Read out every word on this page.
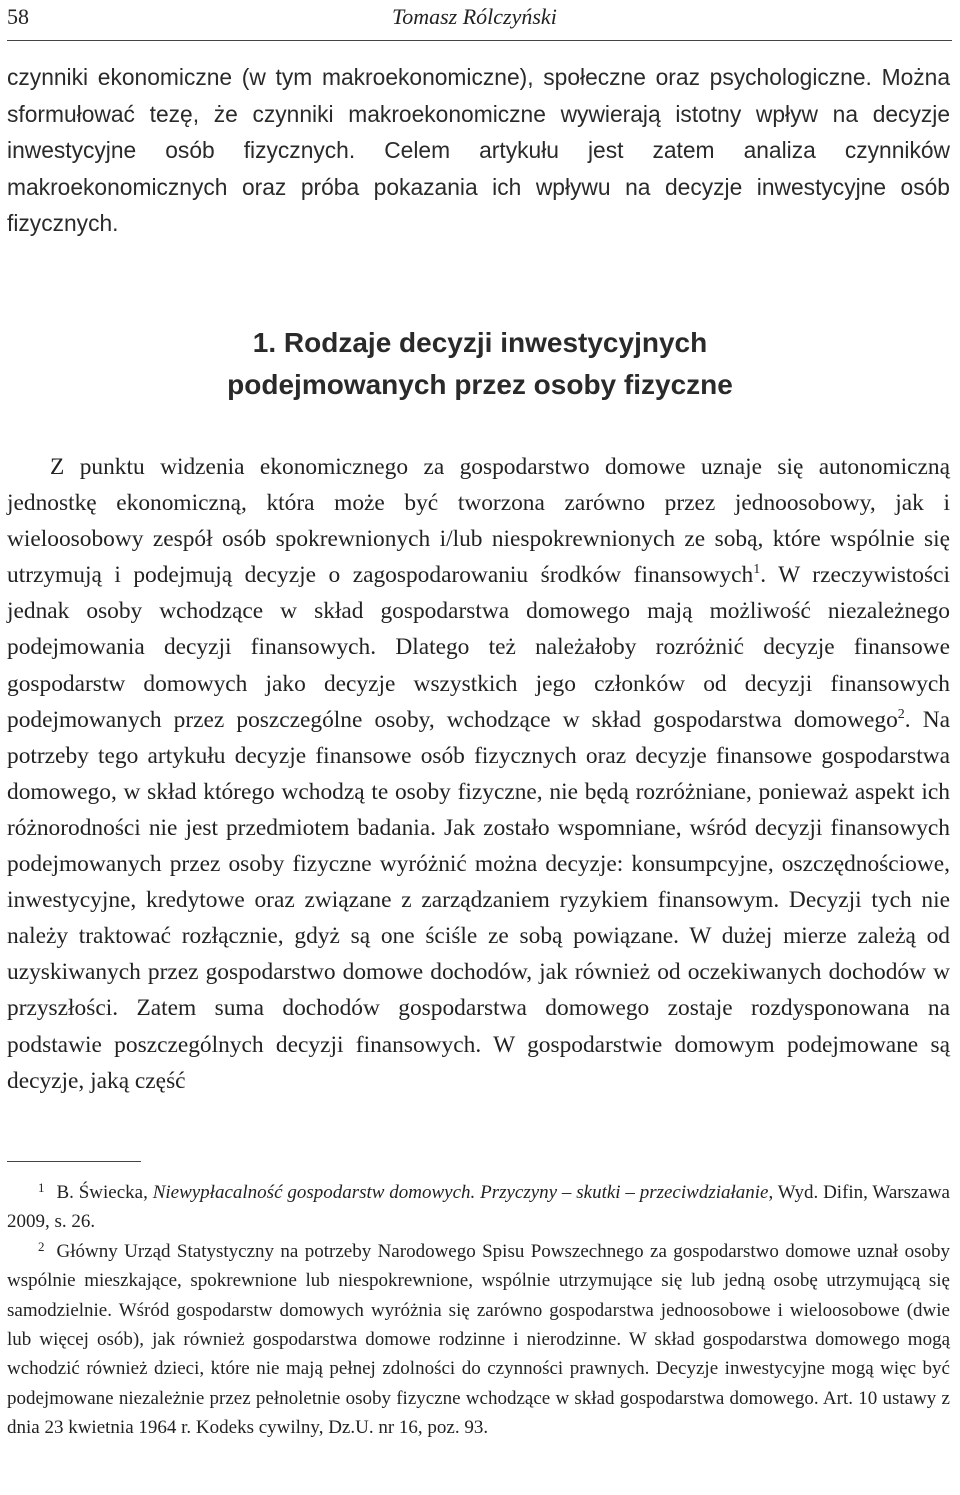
58	Tomasz Rólczyński

czynniki ekonomiczne (w tym makroekonomiczne), społeczne oraz psychologiczne. Można sformułować tezę, że czynniki makroekonomiczne wywierają istotny wpływ na decyzje inwestycyjne osób fizycznych. Celem artykułu jest zatem analiza czynników makroekonomicznych oraz próba pokazania ich wpływu na decyzje inwestycyjne osób fizycznych.

1. Rodzaje decyzji inwestycyjnych
podejmowanych przez osoby fizyczne

Z punktu widzenia ekonomicznego za gospodarstwo domowe uznaje się autonomiczną jednostkę ekonomiczną, która może być tworzona zarówno przez jednoosobowy, jak i wieloosobowy zespół osób spokrewnionych i/lub niespokrewnionych ze sobą, które wspólnie się utrzymują i podejmują decyzje o zagospodarowaniu środków finansowych$^1$. W rzeczywistości jednak osoby wchodzące w skład gospodarstwa domowego mają możliwość niezależnego podejmowania decyzji finansowych. Dlatego też należałoby rozróżnić decyzje finansowe gospodarstw domowych jako decyzje wszystkich jego członków od decyzji finansowych podejmowanych przez poszczególne osoby, wchodzące w skład gospodarstwa domowego$^2$. Na potrzeby tego artykułu decyzje finansowe osób fizycznych oraz decyzje finansowe gospodarstwa domowego, w skład którego wchodzą te osoby fizyczne, nie będą rozróżniane, ponieważ aspekt ich różnorodności nie jest przedmiotem badania. Jak zostało wspomniane, wśród decyzji finansowych podejmowanych przez osoby fizyczne wyróżnić można decyzje: konsumpcyjne, oszczędnościowe, inwestycyjne, kredytowe oraz związane z zarządzaniem ryzykiem finansowym. Decyzji tych nie należy traktować rozłącznie, gdyż są one ściśle ze sobą powiązane. W dużej mierze zależą od uzyskiwanych przez gospodarstwo domowe dochodów, jak również od oczekiwanych dochodów w przyszłości. Zatem suma dochodów gospodarstwa domowego zostaje rozdysponowana na podstawie poszczególnych decyzji finansowych. W gospodarstwie domowym podejmowane są decyzje, jaką część

$^1$ B. Świecka, Niewypłacalność gospodarstw domowych. Przyczyny – skutki – przeciwdziałanie, Wyd. Difin, Warszawa 2009, s. 26.

$^2$ Główny Urząd Statystyczny na potrzeby Narodowego Spisu Powszechnego za gospodarstwo domowe uznał osoby wspólnie mieszkające, spokrewnione lub niespokrewnione, wspólnie utrzymujące się lub jedną osobę utrzymującą się samodzielnie. Wśród gospodarstw domowych wyróżnia się zarówno gospodarstwa jednoosobowe i wieloosobowe (dwie lub więcej osób), jak również gospodarstwa domowe rodzinne i nierodzinne. W skład gospodarstwa domowego mogą wchodzić również dzieci, które nie mają pełnej zdolności do czynności prawnych. Decyzje inwestycyjne mogą więc być podejmowane niezależnie przez pełnoletnie osoby fizyczne wchodzące w skład gospodarstwa domowego. Art. 10 ustawy z dnia 23 kwietnia 1964 r. Kodeks cywilny, Dz.U. nr 16, poz. 93.
